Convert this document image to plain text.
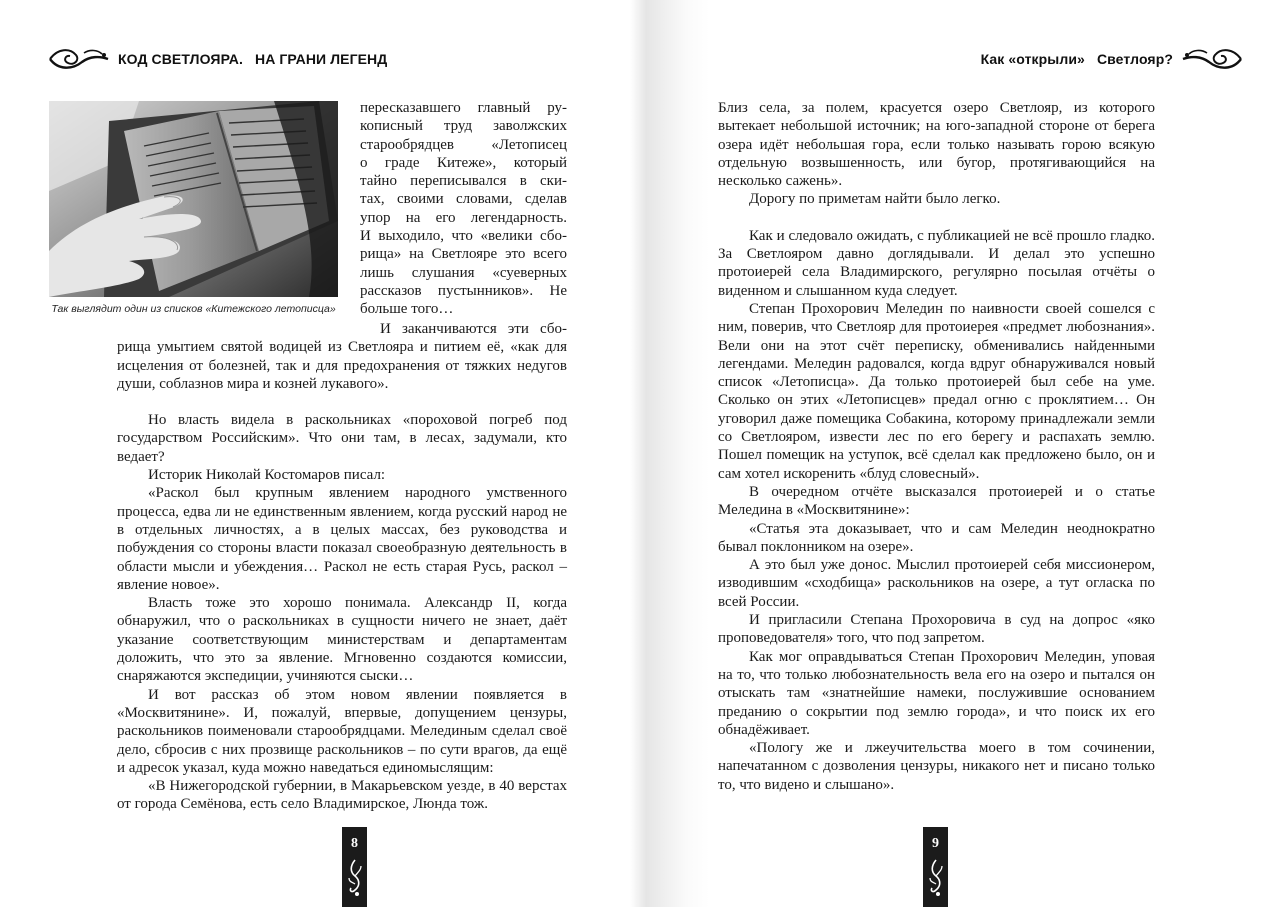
КОД СВЕТЛОЯРА. НА ГРАНИ ЛЕГЕНД
Так выглядит один из списков «Китежского летописца»

пересказавшего главный ру-

кописный труд заволжских

старообрядцев «Летописец

о граде Китеже», который

тайно переписывался в ски-

тах, своими словами, сделав

упор на его легендарность.

И выходило, что «велики сбо-

рища» на Светлояре это всего

лишь слушания «суеверных

рассказов пустынников». Не

больше того…

И заканчиваются эти сборища умытием святой водицей из Светлояра и питием её, «как для исцеления от болезней, так и для предохранения от тяжких недугов души, соблазнов мира и козней лукавого».

Но власть видела в раскольниках «пороховой погреб под государством Российским». Что они там, в лесах, задумали, кто ведает?

Историк Николай Костомаров писал:

«Раскол был крупным явлением народного умственного процесса, едва ли не единственным явлением, когда русский народ не в отдельных личностях, а в целых массах, без руководства и побуждения со стороны власти показал своеобразную деятельность в области мысли и убеждения… Раскол не есть старая Русь, раскол – явление новое».

Власть тоже это хорошо понимала. Александр II, когда обнаружил, что о раскольниках в сущности ничего не знает, даёт указание соответствующим министерствам и департаментам доложить, что это за явление. Мгновенно создаются комиссии, снаряжаются экспедиции, учиняются сыски…

И вот рассказ об этом новом явлении появляется в «Москвитянине». И, пожалуй, впервые, допущением цензуры, раскольников поименовали старообрядцами. Мелединым сделал своё дело, сбросив с них прозвище раскольников – по сути врагов, да ещё и адресок указал, куда можно наведаться единомыслящим:

«В Нижегородской губернии, в Макарьевском уезде, в 40 верстах от города Семёнова, есть село Владимирское, Люнда тож.

8
Как «открыли» Светлояр?

Близ села, за полем, красуется озеро Светлояр, из которого вытекает небольшой источник; на юго-западной стороне от берега озера идёт небольшая гора, если только называть горою всякую отдельную возвышенность, или бугор, протягивающийся на несколько сажень».

Дорогу по приметам найти было легко.

Как и следовало ожидать, с публикацией не всё прошло гладко. За Светлояром давно доглядывали. И делал это успешно протоиерей села Владимирского, регулярно посылая отчёты о виденном и слышанном куда следует.

Степан Прохорович Меледин по наивности своей сошелся с ним, поверив, что Светлояр для протоиерея «предмет любознания». Вели они на этот счёт переписку, обменивались найденными легендами. Меледин радовался, когда вдруг обнаруживался новый список «Летописца». Да только протоиерей был себе на уме. Сколько он этих «Летописцев» предал огню с проклятием… Он уговорил даже помещика Собакина, которому принадлежали земли со Светлояром, извести лес по его берегу и распахать землю. Пошел помещик на уступок, всё сделал как предложено было, он и сам хотел искоренить «блуд словесный».

В очередном отчёте высказался протоиерей и о статье Меледина в «Москвитянине»:

«Статья эта доказывает, что и сам Меледин неоднократно бывал поклонником на озере».

А это был уже донос. Мыслил протоиерей себя миссионером, изводившим «сходбища» раскольников на озере, а тут огласка по всей России.

И пригласили Степана Прохоровича в суд на допрос «яко проповедователя» того, что под запретом.

Как мог оправдываться Степан Прохорович Меледин, уповая на то, что только любознательность вела его на озеро и пытался он отыскать там «знатнейшие намеки, послужившие основанием преданию о сокрытии под землю города», и что поиск их его обнадёживает.

«Пологу же и лжеучительства моего в том сочинении, напечатанном с дозволения цензуры, никакого нет и писано только то, что видено и слышано».

9
